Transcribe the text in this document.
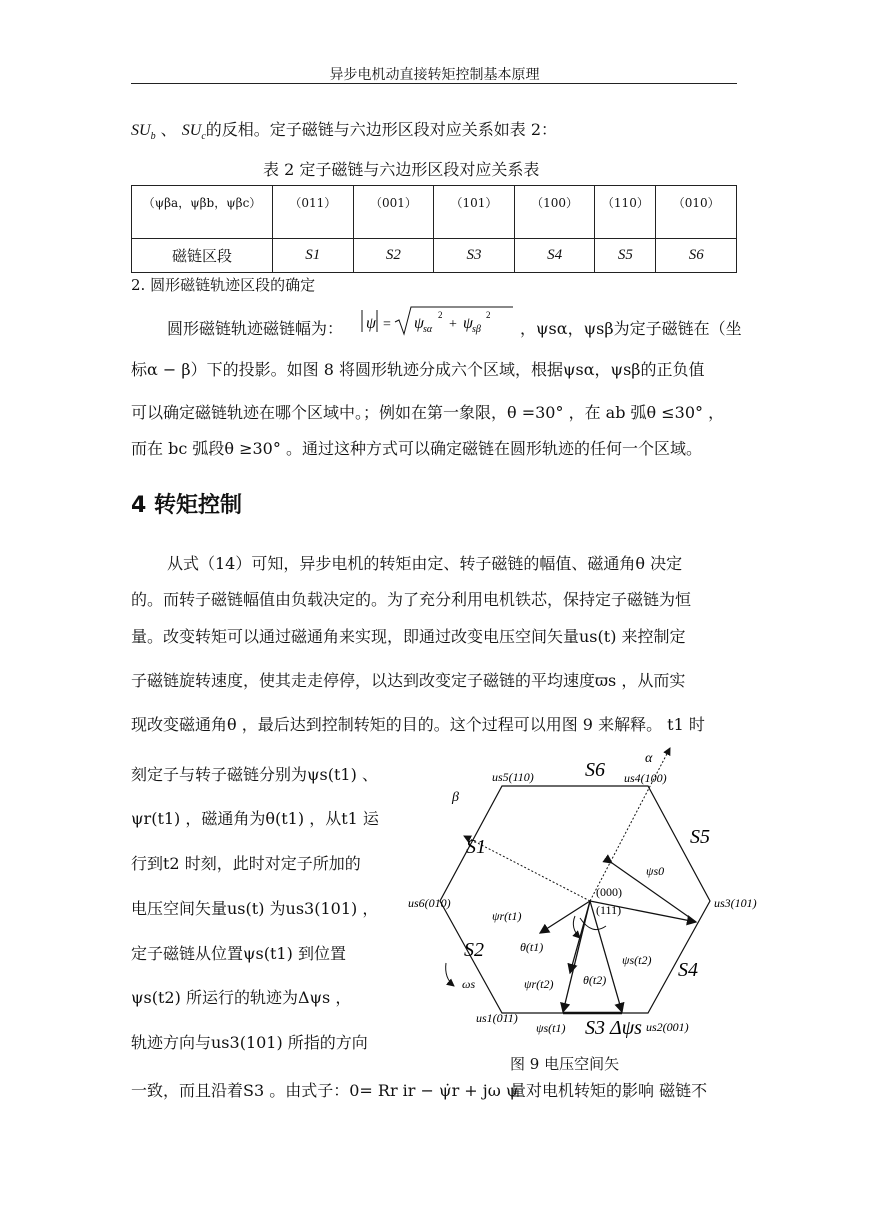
异步电机动直接转矩控制基本原理
$SU_b$ 、 $SU_c$的反相。定子磁链与六边形区段对应关系如表 2：
表 2 定子磁链与六边形区段对应关系表
（ψβa，ψβb，ψβc）	（011）	（001）	（101）	（100）	（110）	（010）
磁链区段	S1	S2	S3	S4	S5	S6
2. 圆形磁链轨迹区段的确定
圆形磁链轨迹磁链幅为： ψ = ψ sα
2
+ ψ sβ
2
，ψsα，ψsβ为定子磁链在（坐
标α − β）下的投影。如图 8 将圆形轨迹分成六个区域，根据ψsα，ψsβ的正负值
可以确定磁链轨迹在哪个区域中。；例如在第一象限，θ =30° ，在 ab 弧θ ≤30° ，
而在 bc 弧段θ ≥30° 。通过这种方式可以确定磁链在圆形轨迹的任何一个区域。
4 转矩控制
从式（14）可知，异步电机的转矩由定、转子磁链的幅值、磁通角θ 决定
的。而转子磁链幅值由负载决定的。为了充分利用电机铁芯，保持定子磁链为恒
量。改变转矩可以通过磁通角来实现，即通过改变电压空间矢量us(t) 来控制定
子磁链旋转速度，使其走走停停，以达到改变定子磁链的平均速度ϖs ，从而实
现改变磁通角θ ，最后达到控制转矩的目的。这个过程可以用图 9 来解释。 t1 时
刻定子与转子磁链分别为ψs(t1) 、
ψr(t1) ，磁通角为θ(t1) ，从t1 运
行到t2 时刻，此时对定子所加的
电压空间矢量us(t) 为us3(101) ，
定子磁链从位置ψs(t1) 到位置
ψs(t2) 所运行的轨迹为Δψs ，
轨迹方向与us3(101) 所指的方向
一致，而且沿着S3 。由式子：0= Rr ir − ψ̇r + jω ψ
量对电机转矩的影响 磁链不
α
β
S6
S1	S5
S2
S4
S3
us5(110)	us4(100)
us6(010)	us3(101)
us1(011)
us2(001)
(000)
(111)
ψs0
ψr(t1)
θ(t1)
ψr(t2) θ(t2)
ψs(t2)
ψs(t1) Δψs
ωs
图 9 电压空间矢
